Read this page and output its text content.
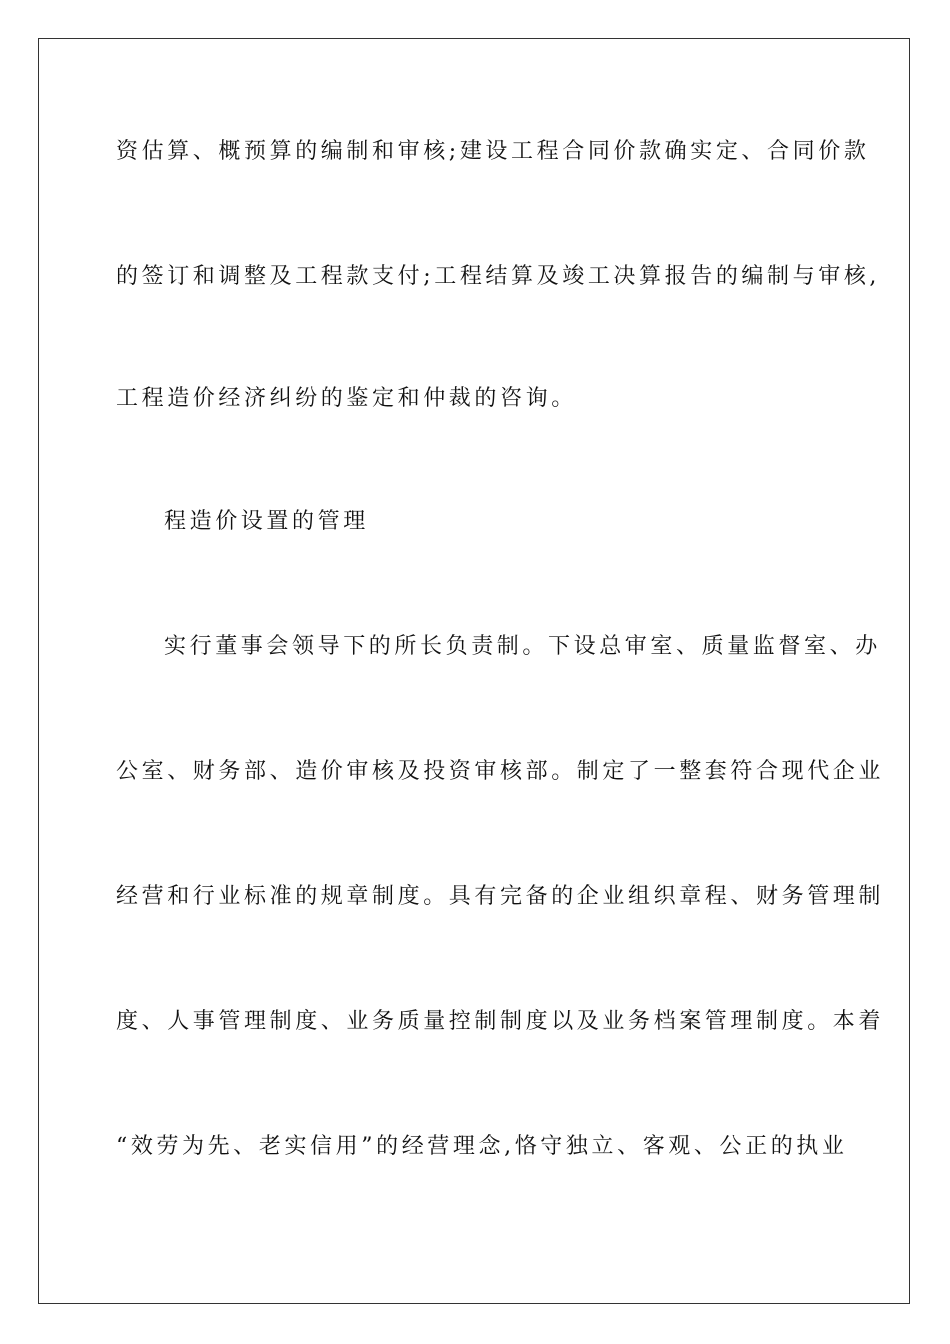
资估算、概预算的编制和审核;建设工程合同价款确实定、合同价款
的签订和调整及工程款支付;工程结算及竣工决算报告的编制与审核,
工程造价经济纠纷的鉴定和仲裁的咨询。
程造价设置的管理
实行董事会领导下的所长负责制。下设总审室、质量监督室、办
公室、财务部、造价审核及投资审核部。制定了一整套符合现代企业
经营和行业标准的规章制度。具有完备的企业组织章程、财务管理制
度、人事管理制度、业务质量控制制度以及业务档案管理制度。本着
“效劳为先、老实信用”的经营理念,恪守独立、客观、公正的执业
